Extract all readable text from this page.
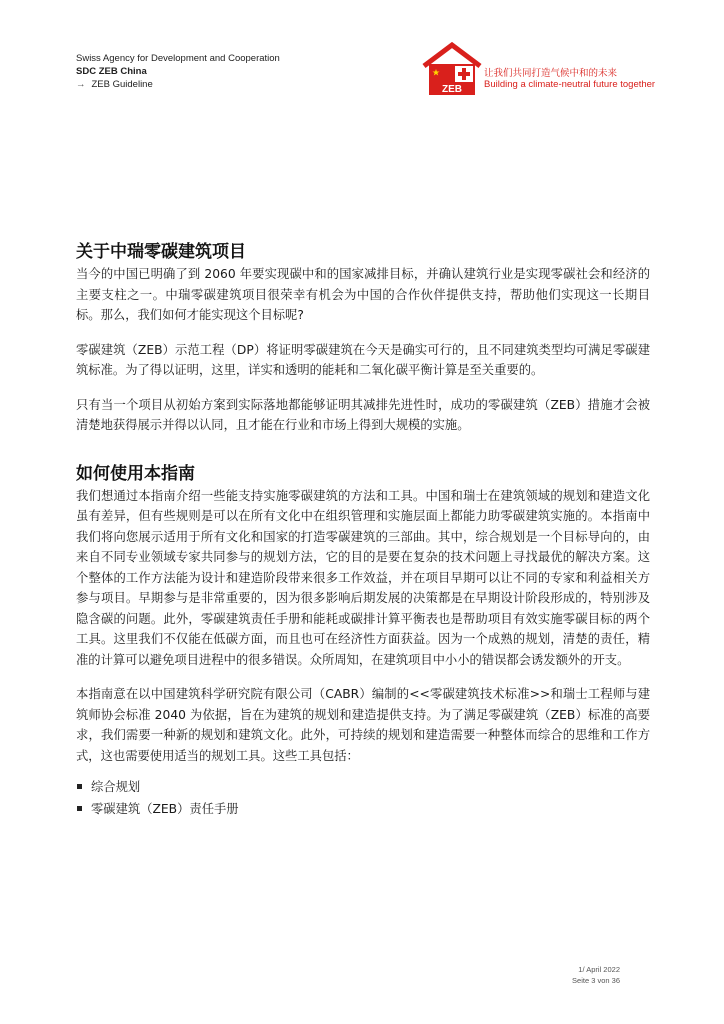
Swiss Agency for Development and Cooperation
SDC ZEB China
→ ZEB Guideline	ZEB
让我们共同打造气候中和的未来
Building a climate-neutral future together
关于中瑞零碳建筑项目

当今的中国已明确了到 2060 年要实现碳中和的国家减排目标，并确认建筑行业是实现零碳社会和经济的主要支柱之一。中瑞零碳建筑项目很荣幸有机会为中国的合作伙伴提供支持，帮助他们实现这一长期目标。那么，我们如何才能实现这个目标呢?

零碳建筑（ZEB）示范工程（DP）将证明零碳建筑在今天是确实可行的，且不同建筑类型均可满足零碳建筑标准。为了得以证明，这里，详实和透明的能耗和二氧化碳平衡计算是至关重要的。

只有当一个项目从初始方案到实际落地都能够证明其减排先进性时，成功的零碳建筑（ZEB）措施才会被清楚地获得展示并得以认同，且才能在行业和市场上得到大规模的实施。

如何使用本指南

我们想通过本指南介绍一些能支持实施零碳建筑的方法和工具。中国和瑞士在建筑领域的规划和建造文化虽有差异，但有些规则是可以在所有文化中在组织管理和实施层面上都能力助零碳建筑实施的。本指南中我们将向您展示适用于所有文化和国家的打造零碳建筑的三部曲。其中，综合规划是一个目标导向的，由来自不同专业领域专家共同参与的规划方法，它的目的是要在复杂的技术问题上寻找最优的解决方案。这个整体的工作方法能为设计和建造阶段带来很多工作效益，并在项目早期可以让不同的专家和利益相关方参与项目。早期参与是非常重要的，因为很多影响后期发展的决策都是在早期设计阶段形成的，特别涉及隐含碳的问题。此外，零碳建筑责任手册和能耗或碳排计算平衡表也是帮助项目有效实施零碳目标的两个工具。这里我们不仅能在低碳方面，而且也可在经济性方面获益。因为一个成熟的规划，清楚的责任，精准的计算可以避免项目进程中的很多错误。众所周知，在建筑项目中小小的错误都会诱发额外的开支。

本指南意在以中国建筑科学研究院有限公司（CABR）编制的<<零碳建筑技术标准>>和瑞士工程师与建筑师协会标准 2040 为依据，旨在为建筑的规划和建造提供支持。为了满足零碳建筑（ZEB）标准的高要求，我们需要一种新的规划和建筑文化。此外，可持续的规划和建造需要一种整体而综合的思维和工作方式，这也需要使用适当的规划工具。这些工具包括：

综合规划
零碳建筑（ZEB）责任手册
1/ April 2022
Seite 3 von 36
